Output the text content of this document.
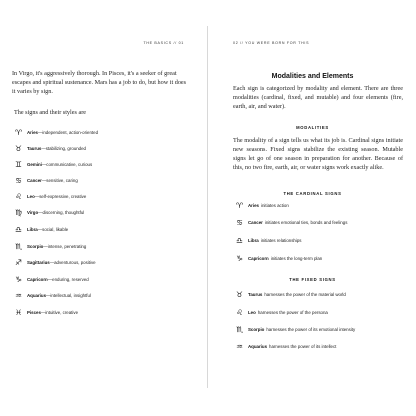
THE BASICS // 01

In Virgo, it's aggressively thorough. In Pisces, it's a seeker of great escapes and spiritual sustenance. Mars has a job to do, but how it does it varies by sign.

The signs and their styles are

♈	Aries — independent, action-oriented
♉	Taurus — stabilizing, grounded
♊	Gemini — communicative, curious
♋	Cancer — sensitive, caring
♌	Leo — self-expressive, creative
♍	Virgo — discerning, thoughtful
♎	Libra — social, likable
♏	Scorpio — intense, penetrating
♐	Sagittarius — adventurous, positive
♑	Capricorn — enduring, reserved
♒	Aquarius — intellectual, insightful
♓	Pisces — intuitive, creative
02 // YOU WERE BORN FOR THIS
Modalities and Elements

Each sign is categorized by modality and element. There are three modalities (cardinal, fixed, and mutable) and four elements (fire, earth, air, and water).

MODALITIES

The modality of a sign tells us what its job is. Cardinal signs initiate new seasons. Fixed signs stabilize the existing season. Mutable signs let go of one season in preparation for another. Because of this, no two fire, earth, air, or water signs work exactly alike.

THE CARDINAL SIGNS
♈	Aries initiates action
♋	Cancer initiates emotional ties, bonds and feelings
♎	Libra initiates relationships
♑	Capricorn initiates the long-term plan
THE FIXED SIGNS
♉	Taurus harnesses the power of the material world
♌	Leo harnesses the power of the persona
♏	Scorpio harnesses the power of its emotional intensity
♒	Aquarius harnesses the power of its intellect
